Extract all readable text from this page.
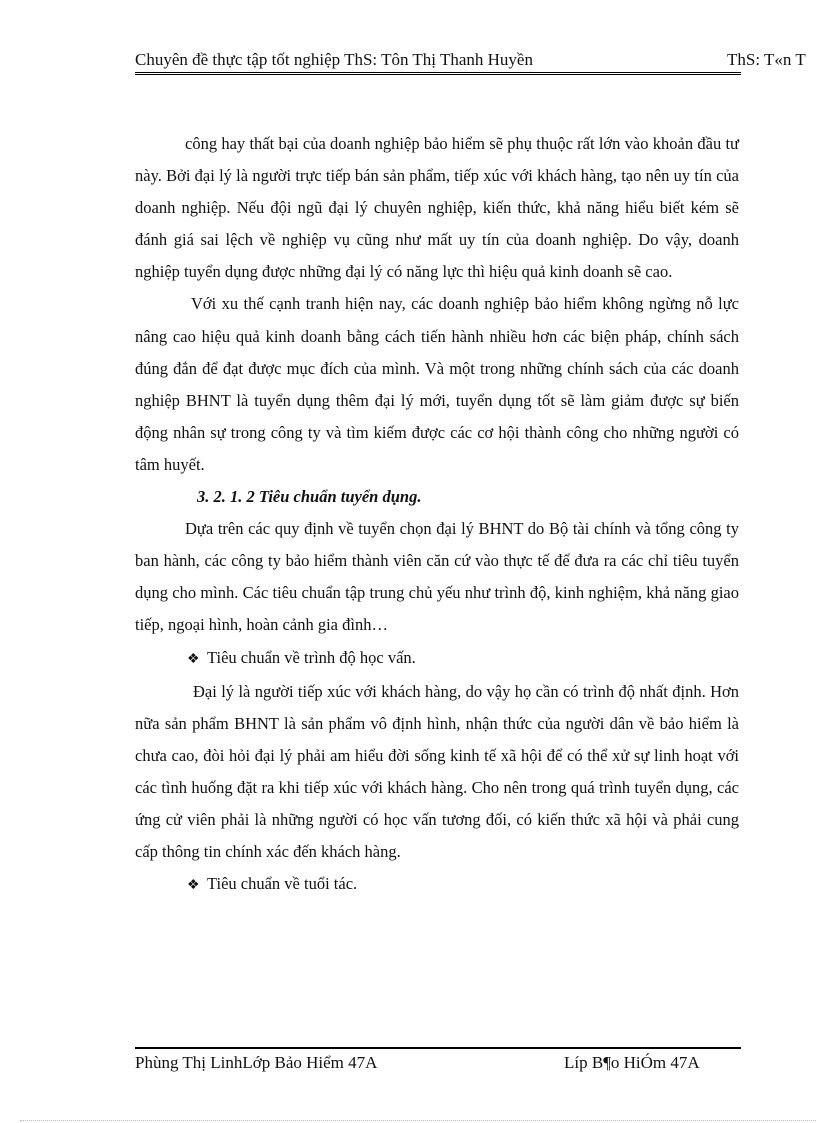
Chuyên đề thực tập tốt nghiệp ThS: Tôn Thị Thanh Huyền	ThS: T«n T

công hay thất bại của doanh nghiệp bảo hiểm sẽ phụ thuộc rất lớn vào khoản đầu tư này. Bởi đại lý là người trực tiếp bán sản phẩm, tiếp xúc với khách hàng, tạo nên uy tín của doanh nghiệp. Nếu đội ngũ đại lý chuyên nghiệp, kiến thức, khả năng hiểu biết kém sẽ đánh giá sai lệch về nghiệp vụ cũng như mất uy tín của doanh nghiệp. Do vậy, doanh nghiệp tuyển dụng được những đại lý có năng lực thì hiệu quả kinh doanh sẽ cao.

Với xu thế cạnh tranh hiện nay, các doanh nghiệp bảo hiểm không ngừng nỗ lực nâng cao hiệu quả kinh doanh bằng cách tiến hành nhiều hơn các biện pháp, chính sách đúng đắn để đạt được mục đích của mình. Và một trong những chính sách của các doanh nghiệp BHNT là tuyển dụng thêm đại lý mới, tuyển dụng tốt sẽ làm giảm được sự biến động nhân sự trong công ty và tìm kiếm được các cơ hội thành công cho những người có tâm huyết.

3. 2. 1. 2 Tiêu chuẩn tuyển dụng.

Dựa trên các quy định về tuyển chọn đại lý BHNT do Bộ tài chính và tổng công ty ban hành, các công ty bảo hiểm thành viên căn cứ vào thực tế để đưa ra các chỉ tiêu tuyển dụng cho mình. Các tiêu chuẩn tập trung chủ yếu như trình độ, kinh nghiệm, khả năng giao tiếp, ngoại hình, hoàn cảnh gia đình…

❖ Tiêu chuẩn về trình độ học vấn.

Đại lý là người tiếp xúc với khách hàng, do vậy họ cần có trình độ nhất định. Hơn nữa sản phẩm BHNT là sản phẩm vô định hình, nhận thức của người dân về bảo hiểm là chưa cao, đòi hỏi đại lý phải am hiểu đời sống kinh tế xã hội để có thể xử sự linh hoạt với các tình huống đặt ra khi tiếp xúc với khách hàng. Cho nên trong quá trình tuyển dụng, các ứng cử viên phải là những người có học vấn tương đối, có kiến thức xã hội và phải cung cấp thông tin chính xác đến khách hàng.

❖ Tiêu chuẩn về tuổi tác.

Phùng Thị LinhLớp Bảo Hiểm 47A	Líp B¶o HiÓm 47A
